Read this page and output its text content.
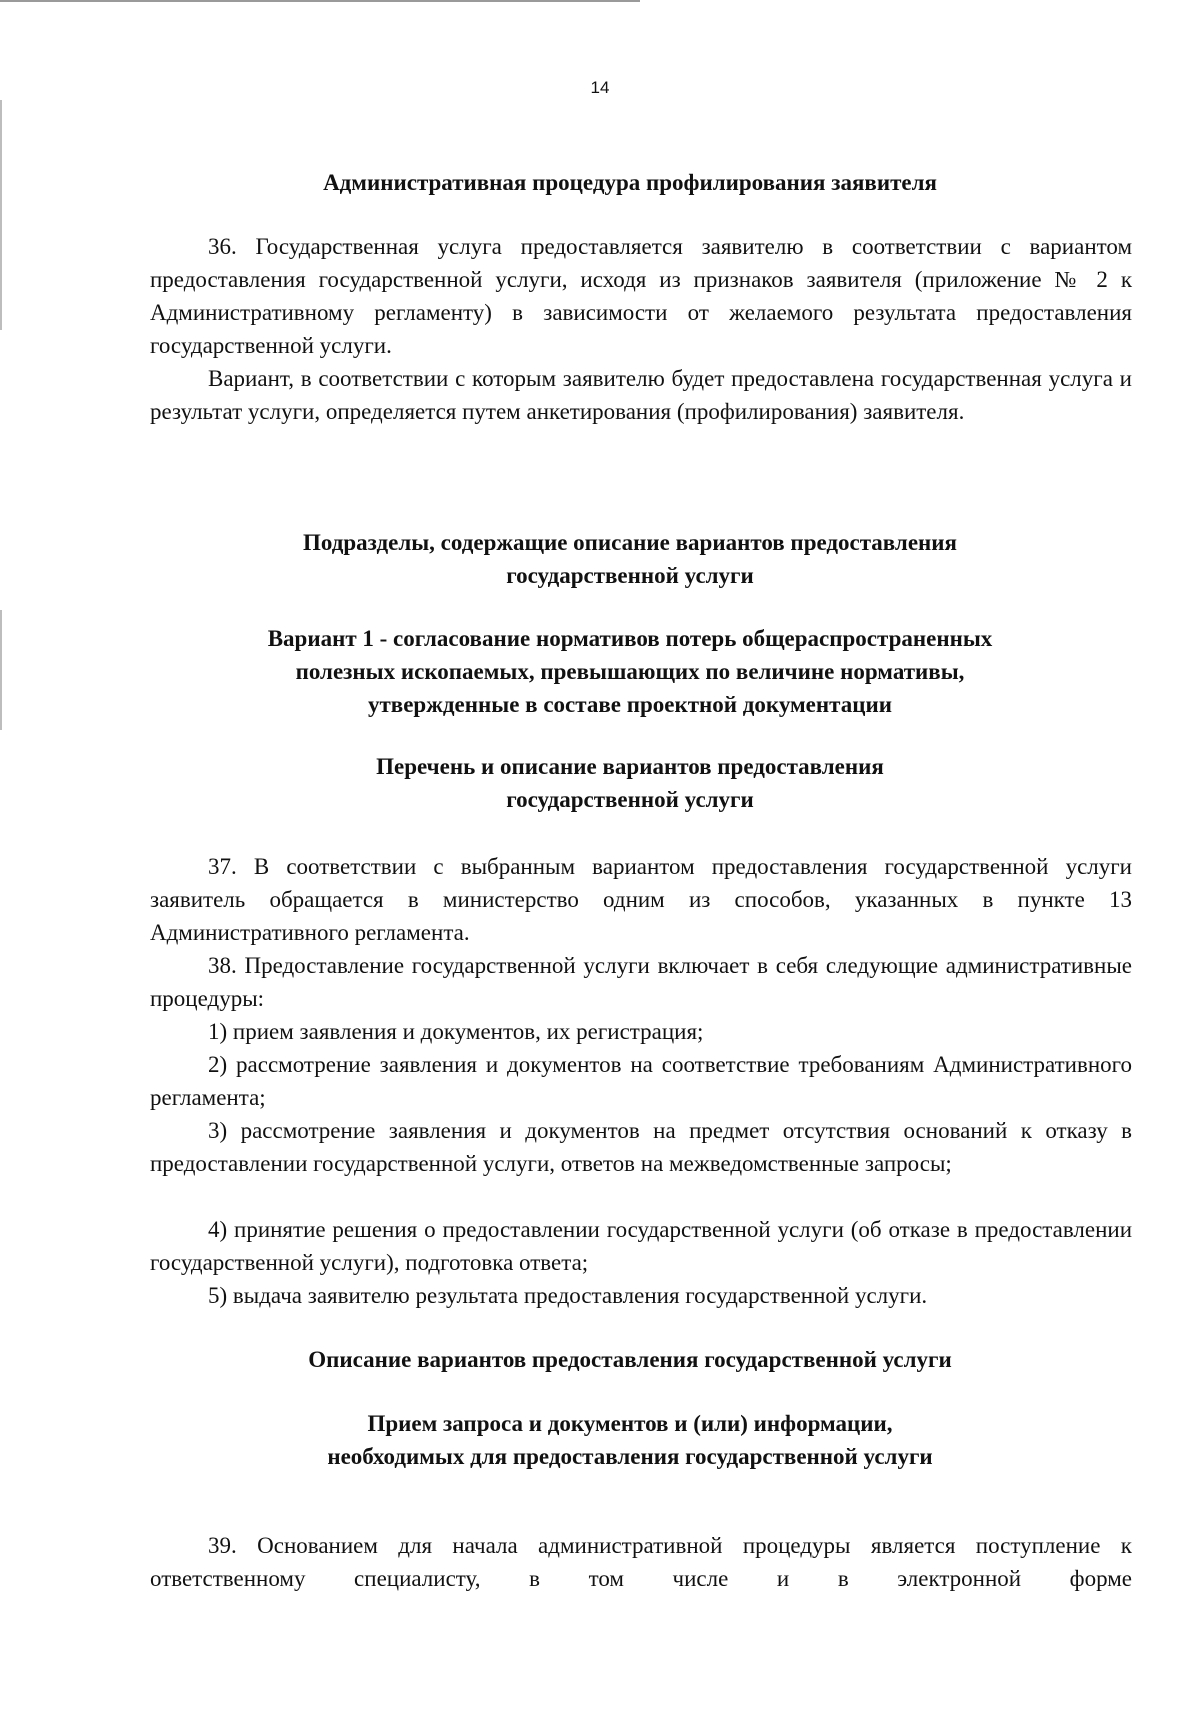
14
Административная процедура профилирования заявителя

36. Государственная услуга предоставляется заявителю в соответствии с вариантом предоставления государственной услуги, исходя из признаков заявителя (приложение № 2 к Административному регламенту) в зависимости от желаемого результата предоставления государственной услуги.

Вариант, в соответствии с которым заявителю будет предоставлена государственная услуга и результат услуги, определяется путем анкетирования (профилирования) заявителя.

Подразделы, содержащие описание вариантов предоставления
государственной услуги
Вариант 1 - согласование нормативов потерь общераспространенных
полезных ископаемых, превышающих по величине нормативы,
утвержденные в составе проектной документации
Перечень и описание вариантов предоставления
государственной услуги

37. В соответствии с выбранным вариантом предоставления государственной услуги заявитель обращается в министерство одним из способов, указанных в пункте 13 Административного регламента.

38. Предоставление государственной услуги включает в себя следующие административные процедуры:

1) прием заявления и документов, их регистрация;

2) рассмотрение заявления и документов на соответствие требованиям Административного регламента;

3) рассмотрение заявления и документов на предмет отсутствия оснований к отказу в предоставлении государственной услуги, ответов на межведомственные запросы;

4) принятие решения о предоставлении государственной услуги (об отказе в предоставлении государственной услуги), подготовка ответа;

5) выдача заявителю результата предоставления государственной услуги.

Описание вариантов предоставления государственной услуги
Прием запроса и документов и (или) информации,
необходимых для предоставления государственной услуги

39. Основанием для начала административной процедуры является поступление к ответственному специалисту, в том числе и в электронной форме
